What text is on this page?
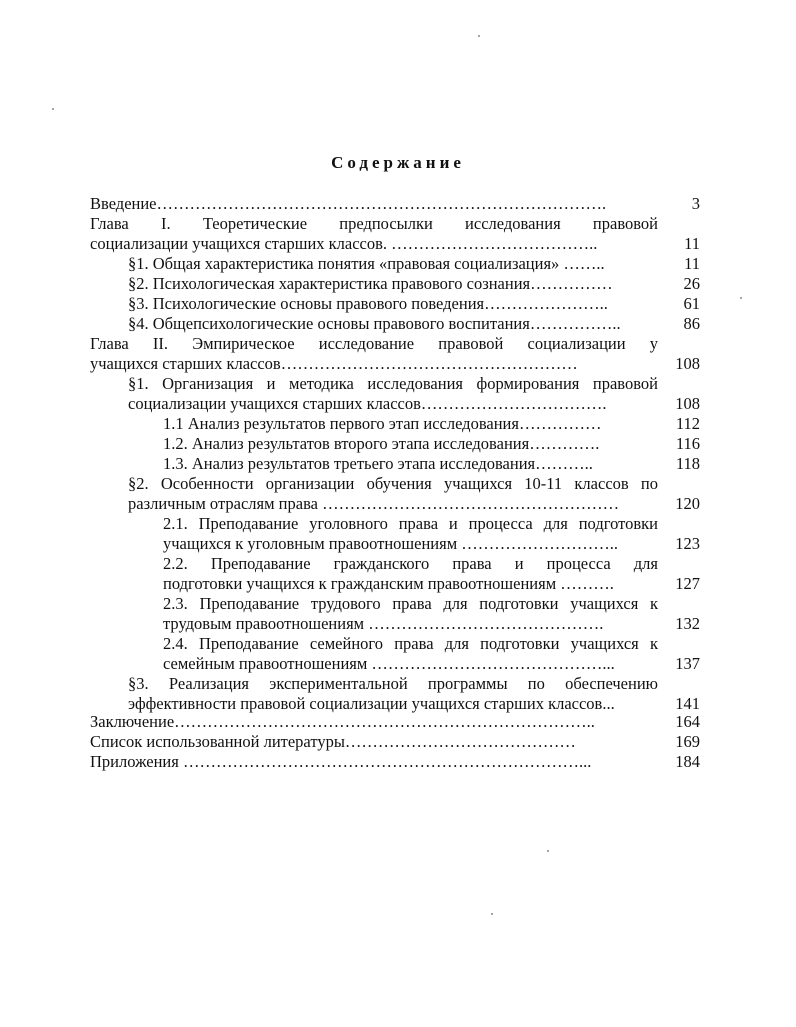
Содержание
Введение……………………………………………………………………….	3
Глава I. Теоретические предпосылки исследования правовой
социализации учащихся старших классов. ………………………………..	11
§1. Общая характеристика понятия «правовая социализация» ……..	11
§2. Психологическая характеристика правового сознания……………	26
§3. Психологические основы правового поведения…………………..	61
§4. Общепсихологические основы правового воспитания……………..	86
Глава II. Эмпирическое исследование правовой социализации у
учащихся старших классов………………………………………………	108
§1. Организация и методика исследования формирования правовой
социализации учащихся старших классов…………………………….	108
1.1 Анализ результатов первого этап исследования……………	112
1.2. Анализ результатов второго этапа исследования………….	116
1.3. Анализ результатов третьего этапа исследования………..	118
§2. Особенности организации обучения учащихся 10-11 классов по
различным отраслям права ………………………………………………	120
2.1. Преподавание уголовного права и процесса для подготовки
учащихся к уголовным правоотношениям ………………………..	123
2.2. Преподавание гражданского права и процесса для
подготовки учащихся к гражданским правоотношениям ……….	127
2.3. Преподавание трудового права для подготовки учащихся к
трудовым правоотношениям …………………………………….	132
2.4. Преподавание семейного права для подготовки учащихся к
семейным правоотношениям ……………………………………...	137
§3. Реализация экспериментальной программы по обеспечению
эффективности правовой социализации учащихся старших классов...	141
Заключение…………………………………………………………………..	164
Список использованной литературы……………………………………	169
Приложения ………………………………………………………………...	184
